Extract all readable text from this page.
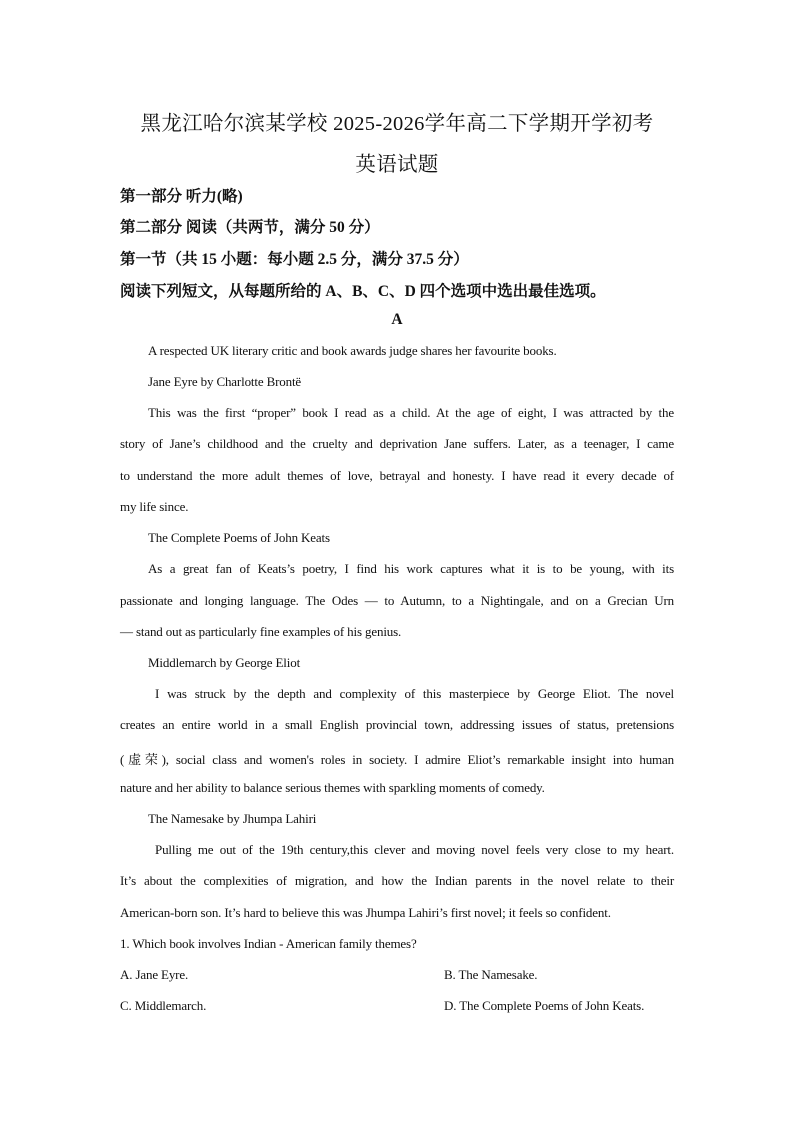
黑龙江哈尔滨某学校 2025-2026学年高二下学期开学初考
英语试题
第一部分 听力(略)
第二部分 阅读（共两节，满分 50 分）
第一节（共 15 小题：每小题 2.5 分，满分 37.5 分）
阅读下列短文，从每题所给的 A、B、C、D 四个选项中选出最佳选项。
A
A respected UK literary critic and book awards judge shares her favourite books.
Jane Eyre by Charlotte Brontë
This was the first “proper” book I read as a child. At the age of eight, I was attracted by the
story of Jane’s childhood and the cruelty and deprivation Jane suffers. Later, as a teenager, I came
to understand the more adult themes of love, betrayal and honesty. I have read it every decade of
my life since.
The Complete Poems of John Keats
As a great fan of Keats’s poetry, I find his work captures what it is to be young, with its
passionate and longing language. The Odes — to Autumn, to a Nightingale, and on a Grecian Urn
— stand out as particularly fine examples of his genius.
Middlemarch by George Eliot
I was struck by the depth and complexity of this masterpiece by George Eliot. The novel
creates an entire world in a small English provincial town, addressing issues of status, pretensions
(虚荣), social class and women's roles in society. I admire Eliot’s remarkable insight into human
nature and her ability to balance serious themes with sparkling moments of comedy.
The Namesake by Jhumpa Lahiri
Pulling me out of the 19th century,this clever and moving novel feels very close to my heart.
It’s about the complexities of migration, and how the Indian parents in the novel relate to their
American-born son. It’s hard to believe this was Jhumpa Lahiri’s first novel; it feels so confident.
1. Which book involves Indian - American family themes?
A. Jane Eyre.	B. The Namesake.
C. Middlemarch.	D. The Complete Poems of John Keats.
